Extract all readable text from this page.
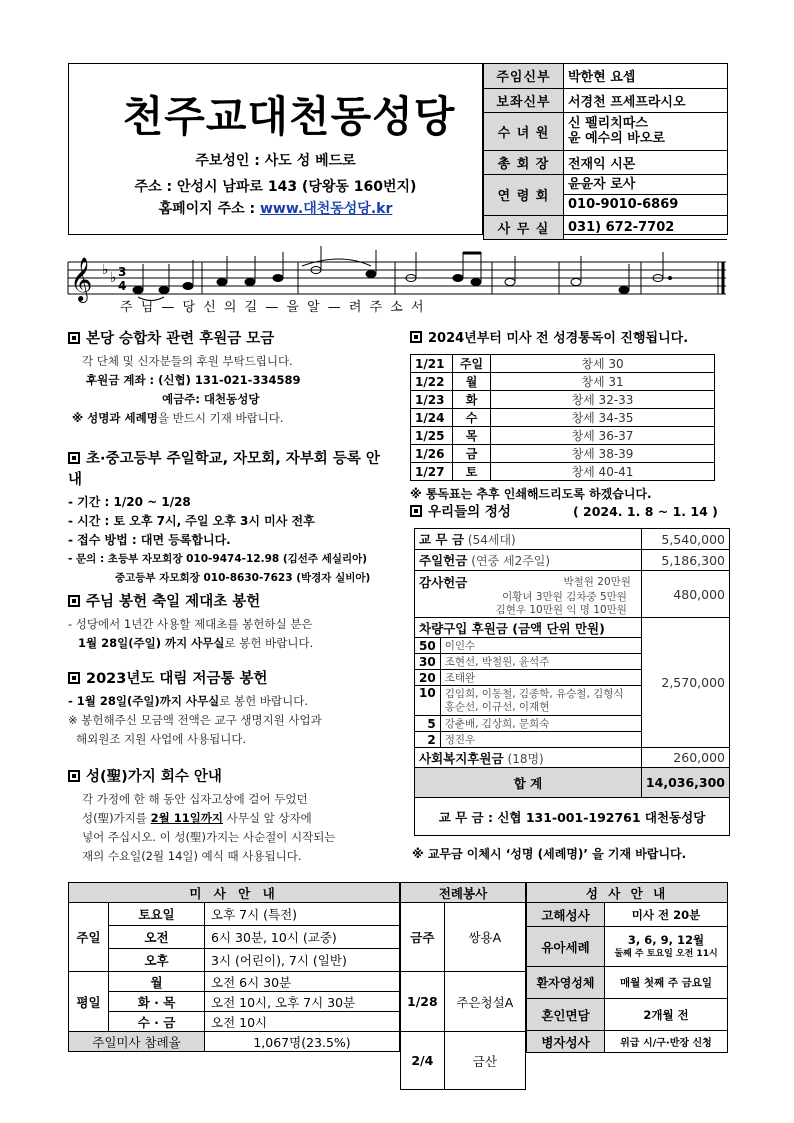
천주교대천동성당
주보성인 : 사도 성 베드로
주소 : 안성시 남파로 143 (당왕동 160번지)
홈페이지 주소 : www.대천동성당.kr
주임신부	박한현 요셉
보좌신부	서경천 프세프라시오
수 녀 원	신 펠리치따스
윤 예수의 바오로

총 회 장	전재익 시몬
연 령 회	윤윤자 로사
010-9010-6869

사 무 실	031) 672-7702
𝄞 ♭ ♭ 3
4
주 님 — 당 신 의 길 — 을 알 — 려 주 소 서
본당 승합차 관련 후원금 모금
각 단체 및 신자분들의 후원 부탁드립니다.
후원금 계좌 : (신협) 131-021-334589
예금주: 대천동성당
※ 성명과 세례명을 반드시 기재 바랍니다.
초·중고등부 주일학교, 자모회, 자부회 등록 안내
- 기간 : 1/20 ~ 1/28
- 시간 : 토 오후 7시, 주일 오후 3시 미사 전후
- 접수 방법 : 대면 등록합니다.
- 문의 : 초등부 자모회장 010-9474-12.98 (김선주 세실리아)
중고등부 자모회장 010-8630-7623 (박경자 실비아)
주님 봉헌 축일 제대초 봉헌
- 성당에서 1년간 사용할 제대초를 봉헌하실 분은
1월 28일(주일) 까지 사무실로 봉헌 바랍니다.
2023년도 대림 저금통 봉헌
- 1월 28일(주일)까지 사무실로 봉헌 바랍니다.
※ 봉헌해주신 모금액 전액은 교구 생명지원 사업과
해외원조 지원 사업에 사용됩니다.
성(聖)가지 회수 안내
각 가정에 한 해 동안 십자고상에 걸어 두었던
성(聖)가지를 2월 11일까지 사무실 앞 상자에
넣어 주십시오. 이 성(聖)가지는 사순절이 시작되는
재의 수요일(2월 14일) 예식 때 사용됩니다.
2024년부터 미사 전 성경통독이 진행됩니다.
1/21	주일	창세 30
1/22	월	창세 31
1/23	화	창세 32-33
1/24	수	창세 34-35
1/25	목	창세 36-37
1/26	금	창세 38-39
1/27	토	창세 40-41
※ 통독표는 추후 인쇄해드리도록 하겠습니다.
우리들의 정성	( 2024. 1. 8 ~ 1. 14 )
교 무 금 (54세대)		5,540,000
주일헌금 (연중 세2주일)		5,186,300
감사헌금 박철원 20만원
이황녀 3만원 김차중 5만원
김현우 10만원 익 명 10만원		480,000
차량구입 후원금 (금액 단위 만원)		2,570,000
50	이인수	
30	조현선, 박철원, 윤석주	
20	조태완	
10	김임희, 이동철, 김종학, 유승철, 김형식
홍순선, 이규선, 이재현	

5	강춘배, 김상희, 문희숙	
2	정진우	
사회복지후원금 (18명)		260,000
합 계		14,036,300
교 무 금 : 신협 131-001-192761 대천동성당		
※ 교무금 이체시 ‘성명 (세례명)’ 을 기재 바랍니다.
미 사 안 내		
주일	토요일	오후 7시 (특전)
	오전	6시 30분, 10시 (교중)
	오후	3시 (어린이), 7시 (일반)
평일	월	오전 6시 30분
	화 · 목	오전 10시, 오후 7시 30분
	수 · 금	오전 10시
주일미사 참례율		1,067명(23.5%)
전례봉사	
금주	쌍용A
1/28	주은청설A
2/4	금산
성 사 안 내	
고해성사	미사 전 20분
유아세례	3, 6, 9, 12월
둘째 주 토요일 오전 11시

환자영성체	매월 첫째 주 금요일
혼인면담	2개월 전
병자성사	위급 시/구·반장 신청
